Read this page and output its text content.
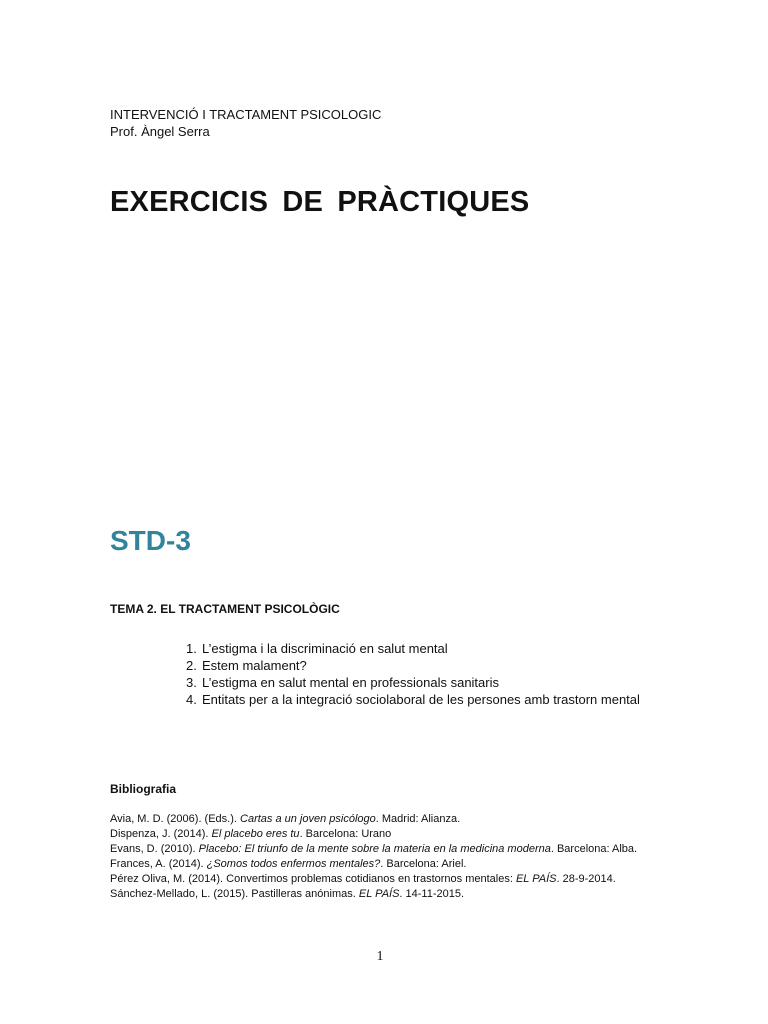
INTERVENCIÓ I TRACTAMENT PSICOLOGIC
Prof. Àngel Serra
EXERCICIS DE PRÀCTIQUES
STD-3
TEMA 2. EL TRACTAMENT PSICOLÒGIC
1. L’estigma i la discriminació en salut mental
2. Estem malament?
3. L’estigma en salut mental en professionals sanitaris
4. Entitats per a la integració sociolaboral de les persones amb trastorn mental
Bibliografia

Avia, M. D. (2006). (Eds.). Cartas a un joven psicólogo. Madrid: Alianza.

Dispenza, J. (2014). El placebo eres tu. Barcelona: Urano

Evans, D. (2010). Placebo: El triunfo de la mente sobre la materia en la medicina moderna. Barcelona: Alba.

Frances, A. (2014). ¿Somos todos enfermos mentales?. Barcelona: Ariel.

Pérez Oliva, M. (2014). Convertimos problemas cotidianos en trastornos mentales: EL PAÍS. 28-9-2014.

Sánchez-Mellado, L. (2015). Pastilleras anónimas. EL PAÍS. 14-11-2015.

1
